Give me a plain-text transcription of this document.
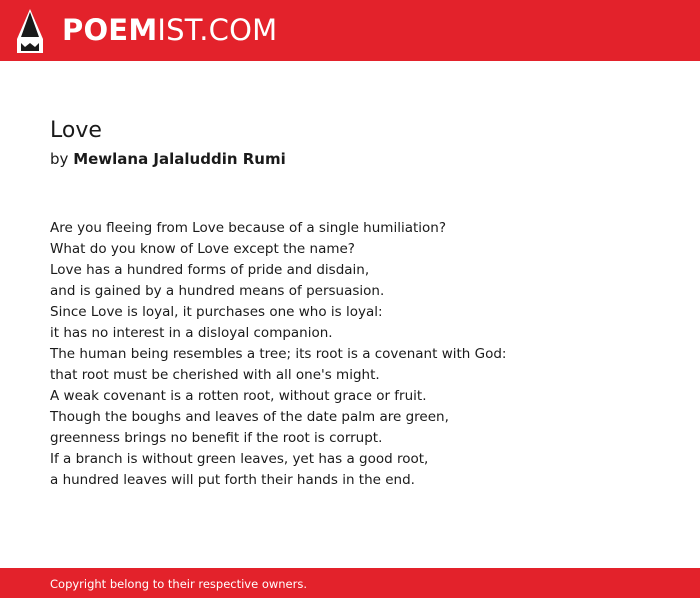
POEMIST.COM
Love
by Mewlana Jalaluddin Rumi
Are you fleeing from Love because of a single humiliation?
What do you know of Love except the name?
Love has a hundred forms of pride and disdain,
and is gained by a hundred means of persuasion.
Since Love is loyal, it purchases one who is loyal:
it has no interest in a disloyal companion.
The human being resembles a tree; its root is a covenant with God:
that root must be cherished with all one's might.
A weak covenant is a rotten root, without grace or fruit.
Though the boughs and leaves of the date palm are green,
greenness brings no benefit if the root is corrupt.
If a branch is without green leaves, yet has a good root,
a hundred leaves will put forth their hands in the end.
Copyright belong to their respective owners.
